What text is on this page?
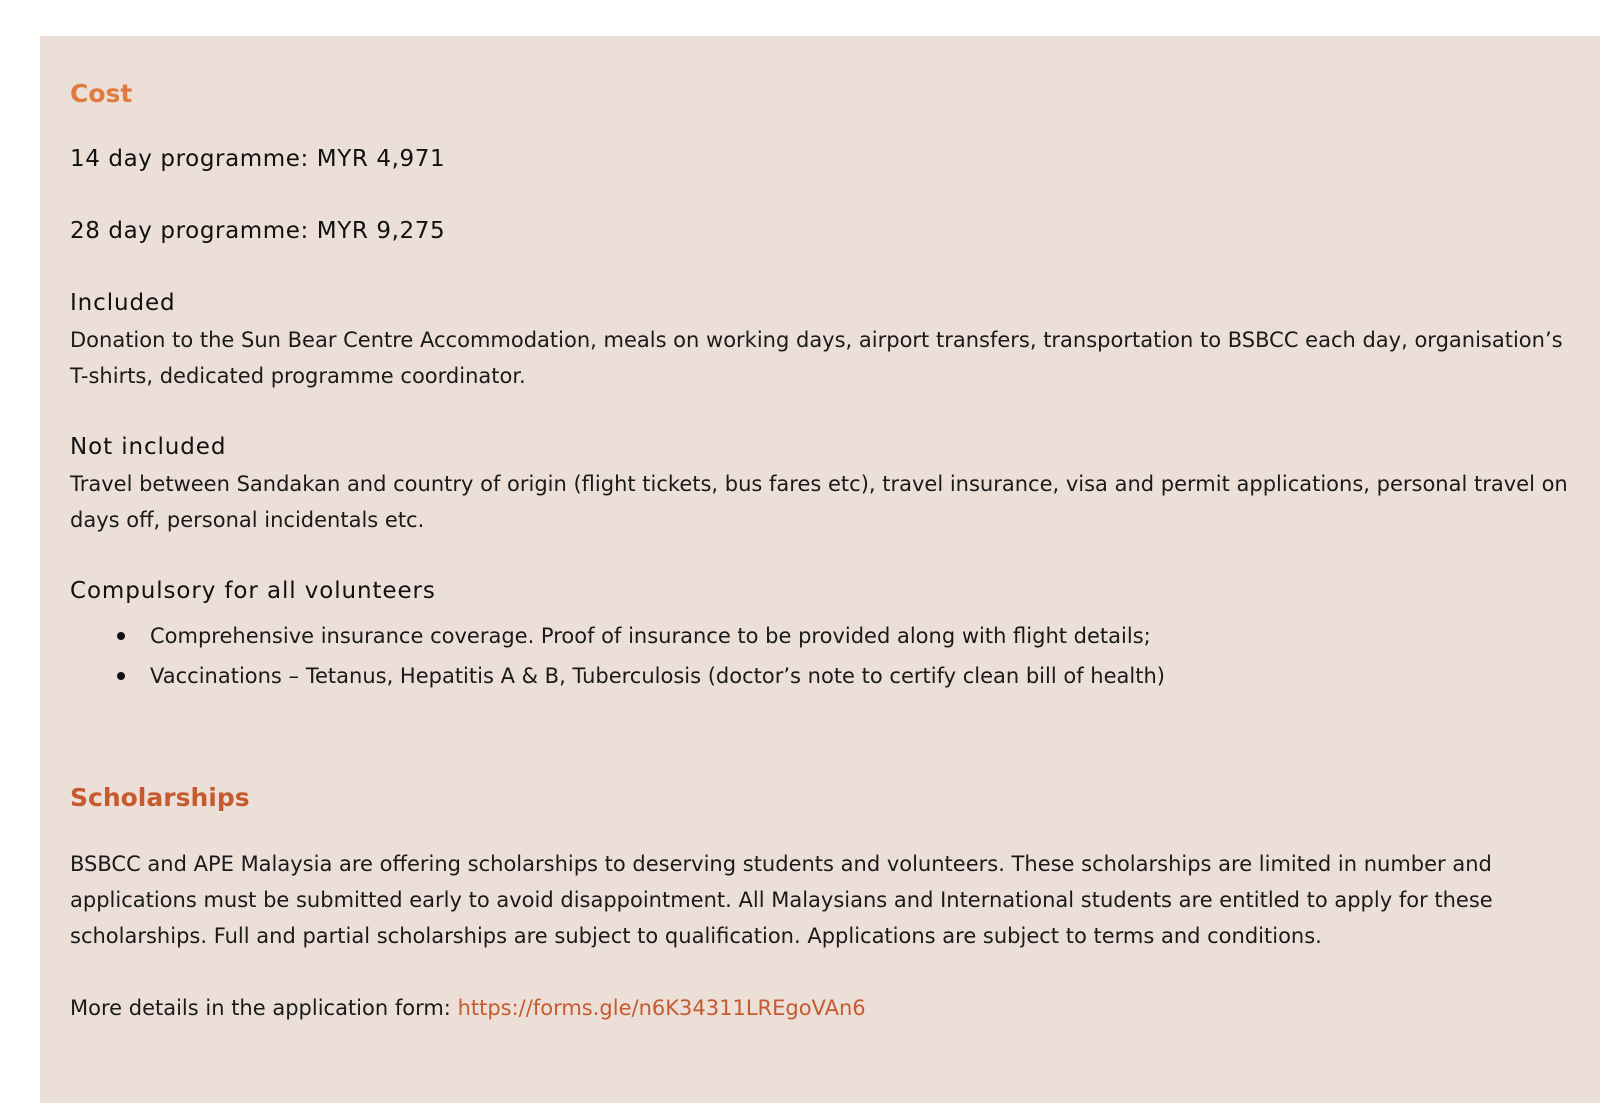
Cost

14 day programme: MYR 4,971

28 day programme: MYR 9,275

Included

Donation to the Sun Bear Centre Accommodation, meals on working days, airport transfers, transportation to BSBCC each day, organisation’s T-shirts, dedicated programme coordinator.

Not included

Travel between Sandakan and country of origin (flight tickets, bus fares etc), travel insurance, visa and permit applications, personal travel on days off, personal incidentals etc.

Compulsory for all volunteers

Comprehensive insurance coverage. Proof of insurance to be provided along with flight details;
Vaccinations – Tetanus, Hepatitis A & B, Tuberculosis (doctor’s note to certify clean bill of health)
Scholarships

BSBCC and APE Malaysia are offering scholarships to deserving students and volunteers. These scholarships are limited in number and applications must be submitted early to avoid disappointment. All Malaysians and International students are entitled to apply for these scholarships. Full and partial scholarships are subject to qualification. Applications are subject to terms and conditions.

More details in the application form: https://forms.gle/n6K34311LREgoVAn6
